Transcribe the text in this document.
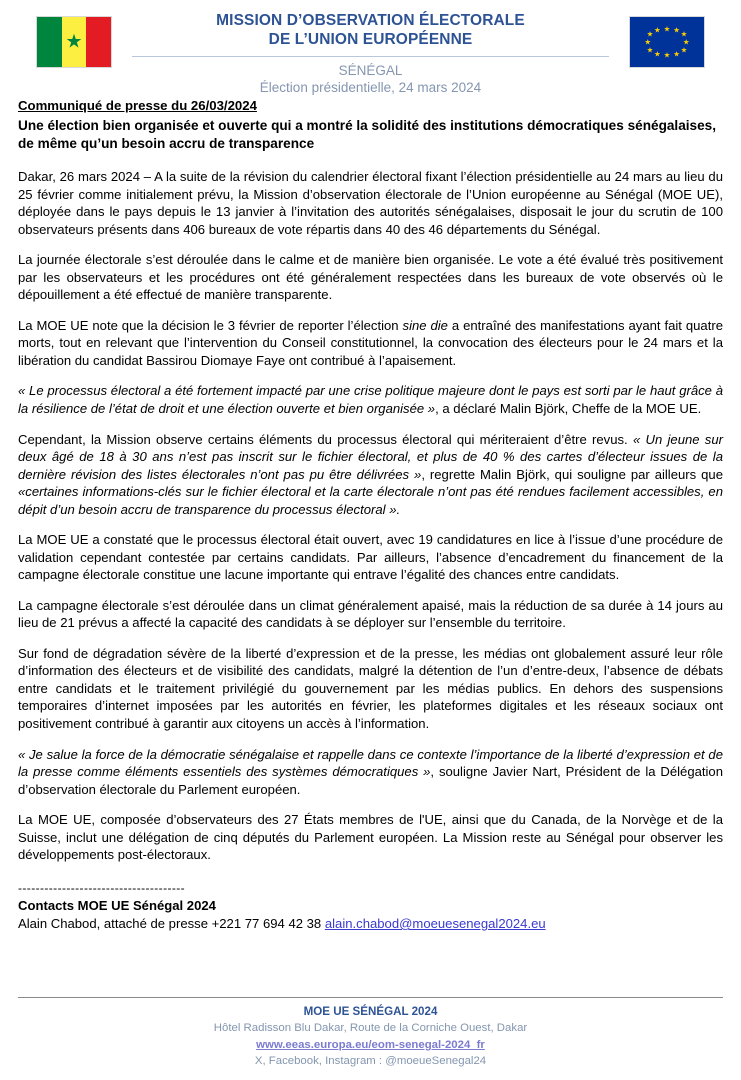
★
MISSION D’OBSERVATION ÉLECTORALE
DE L’UNION EUROPÉENNE
SÉNÉGAL
Élection présidentielle, 24 mars 2024
★ ★ ★
★
★
★
★
★
★
★
★ ★
Communiqué de presse du 26/03/2024
Une élection bien organisée et ouverte qui a montré la solidité des institutions démocratiques sénégalaises, de même qu’un besoin accru de transparence

Dakar, 26 mars 2024 – A la suite de la révision du calendrier électoral fixant l’élection présidentielle au 24 mars au lieu du 25 février comme initialement prévu, la Mission d’observation électorale de l’Union européenne au Sénégal (MOE UE), déployée dans le pays depuis le 13 janvier à l’invitation des autorités sénégalaises, disposait le jour du scrutin de 100 observateurs présents dans 406 bureaux de vote répartis dans 40 des 46 départements du Sénégal.

La journée électorale s’est déroulée dans le calme et de manière bien organisée. Le vote a été évalué très positivement par les observateurs et les procédures ont été généralement respectées dans les bureaux de vote observés où le dépouillement a été effectué de manière transparente.

La MOE UE note que la décision le 3 février de reporter l’élection sine die a entraîné des manifestations ayant fait quatre morts, tout en relevant que l’intervention du Conseil constitutionnel, la convocation des électeurs pour le 24 mars et la libération du candidat Bassirou Diomaye Faye ont contribué à l’apaisement.

« Le processus électoral a été fortement impacté par une crise politique majeure dont le pays est sorti par le haut grâce à la résilience de l’état de droit et une élection ouverte et bien organisée », a déclaré Malin Björk, Cheffe de la MOE UE.

Cependant, la Mission observe certains éléments du processus électoral qui mériteraient d’être revus. « Un jeune sur deux âgé de 18 à 30 ans n’est pas inscrit sur le fichier électoral, et plus de 40 % des cartes d’électeur issues de la dernière révision des listes électorales n’ont pas pu être délivrées », regrette Malin Björk, qui souligne par ailleurs que «certaines informations-clés sur le fichier électoral et la carte électorale n’ont pas été rendues facilement accessibles, en dépit d’un besoin accru de transparence du processus électoral ».

La MOE UE a constaté que le processus électoral était ouvert, avec 19 candidatures en lice à l’issue d’une procédure de validation cependant contestée par certains candidats. Par ailleurs, l’absence d’encadrement du financement de la campagne électorale constitue une lacune importante qui entrave l’égalité des chances entre candidats.

La campagne électorale s’est déroulée dans un climat généralement apaisé, mais la réduction de sa durée à 14 jours au lieu de 21 prévus a affecté la capacité des candidats à se déployer sur l’ensemble du territoire.

Sur fond de dégradation sévère de la liberté d’expression et de la presse, les médias ont globalement assuré leur rôle d’information des électeurs et de visibilité des candidats, malgré la détention de l’un d’entre-deux, l’absence de débats entre candidats et le traitement privilégié du gouvernement par les médias publics. En dehors des suspensions temporaires d’internet imposées par les autorités en février, les plateformes digitales et les réseaux sociaux ont positivement contribué à garantir aux citoyens un accès à l’information.

« Je salue la force de la démocratie sénégalaise et rappelle dans ce contexte l’importance de la liberté d’expression et de la presse comme éléments essentiels des systèmes démocratiques », souligne Javier Nart, Président de la Délégation d’observation électorale du Parlement européen.

La MOE UE, composée d’observateurs des 27 États membres de l'UE, ainsi que du Canada, de la Norvège et de la Suisse, inclut une délégation de cinq députés du Parlement européen. La Mission reste au Sénégal pour observer les développements post-électoraux.

--------------------------------------
Contacts MOE UE Sénégal 2024
Alain Chabod, attaché de presse +221 77 694 42 38 alain.chabod@moeuesenegal2024.eu
MOE UE SÉNÉGAL 2024
Hôtel Radisson Blu Dakar, Route de la Corniche Ouest, Dakar
www.eeas.europa.eu/eom-senegal-2024_fr
X, Facebook, Instagram : @moeueSenegal24
